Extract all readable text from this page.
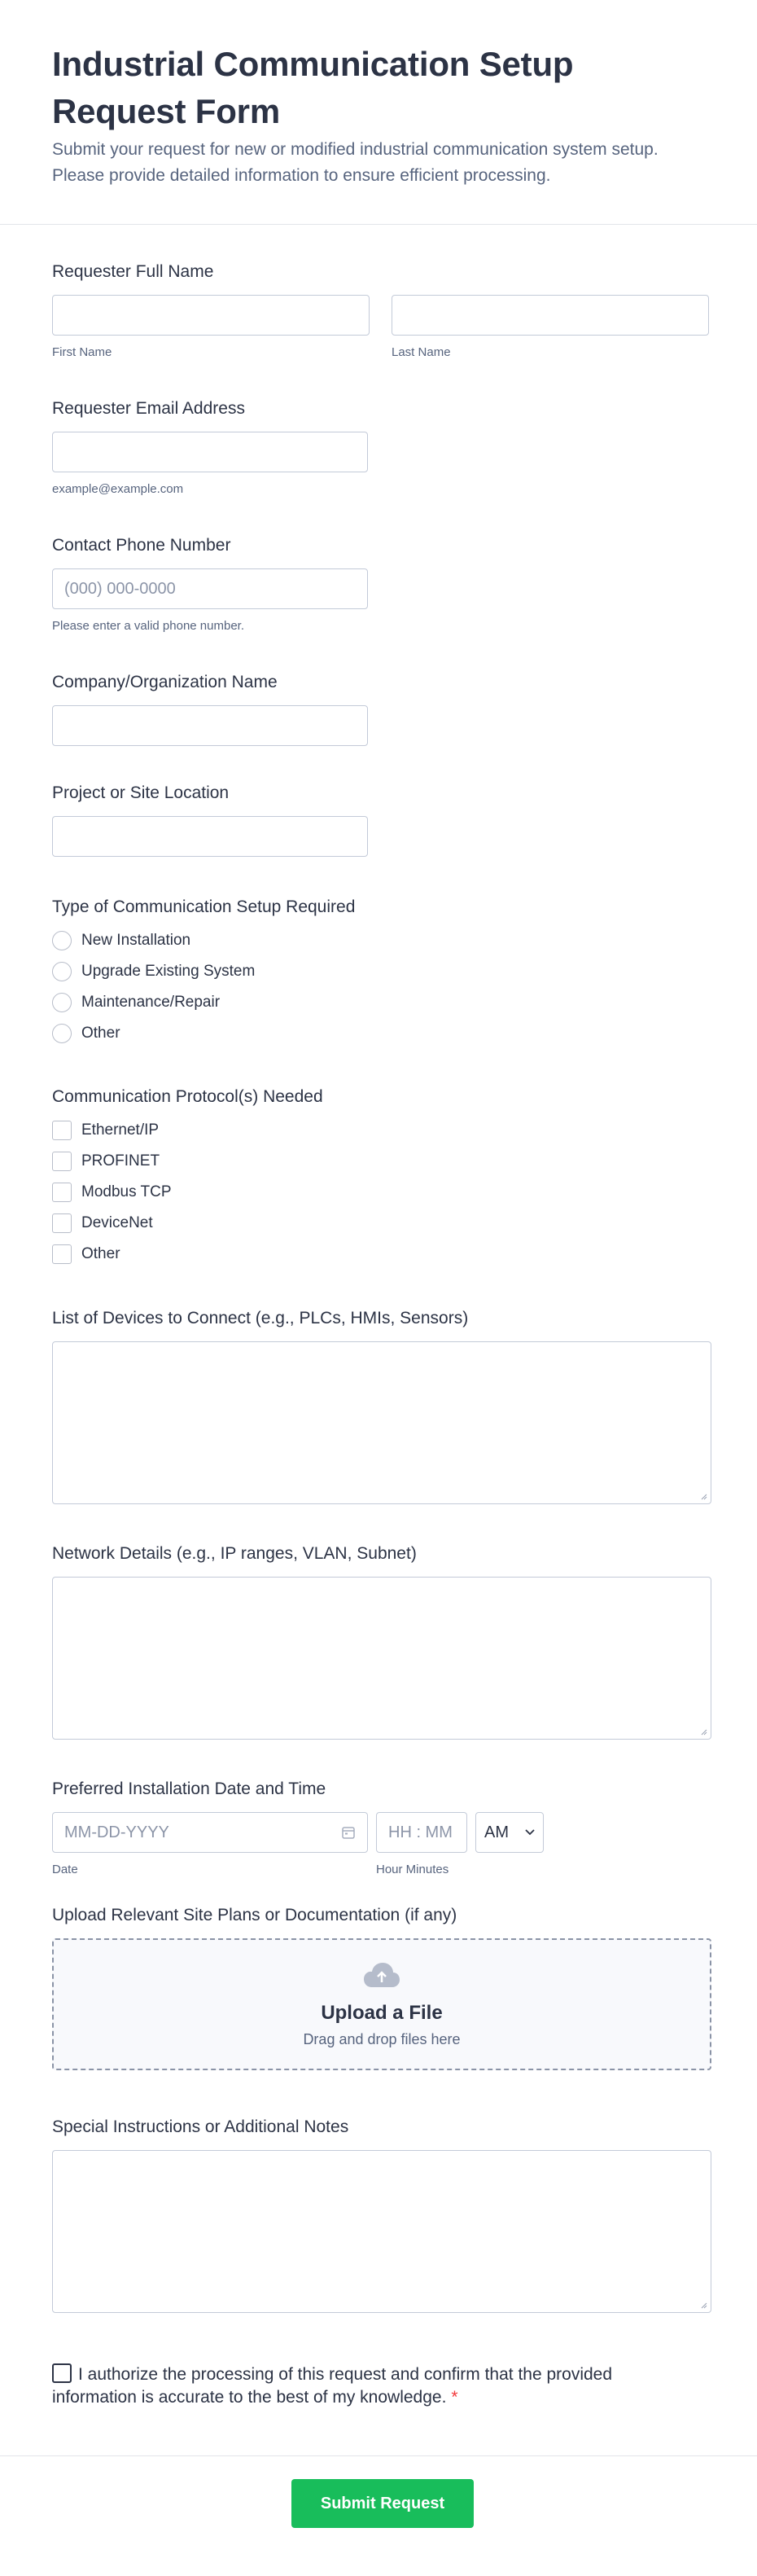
Industrial Communication Setup Request Form

Submit your request for new or modified industrial communication system setup. Please provide detailed information to ensure efficient processing.

Requester Full Name
First Name	Last Name
Requester Email Address
example@example.com
Contact Phone Number
(000) 000-0000
Please enter a valid phone number.
Company/Organization Name
Project or Site Location
Type of Communication Setup Required
New Installation
Upgrade Existing System
Maintenance/Repair
Other
Communication Protocol(s) Needed
Ethernet/IP
PROFINET
Modbus TCP
DeviceNet
Other
List of Devices to Connect (e.g., PLCs, HMIs, Sensors)
Network Details (e.g., IP ranges, VLAN, Subnet)
Preferred Installation Date and Time
MM-DD-YYYY
Date
HH : MM
Hour Minutes
AM
Upload Relevant Site Plans or Documentation (if any)
Upload a File
Drag and drop files here
Special Instructions or Additional Notes
I authorize the processing of this request and confirm that the provided information is accurate to the best of my knowledge. *
Submit Request
